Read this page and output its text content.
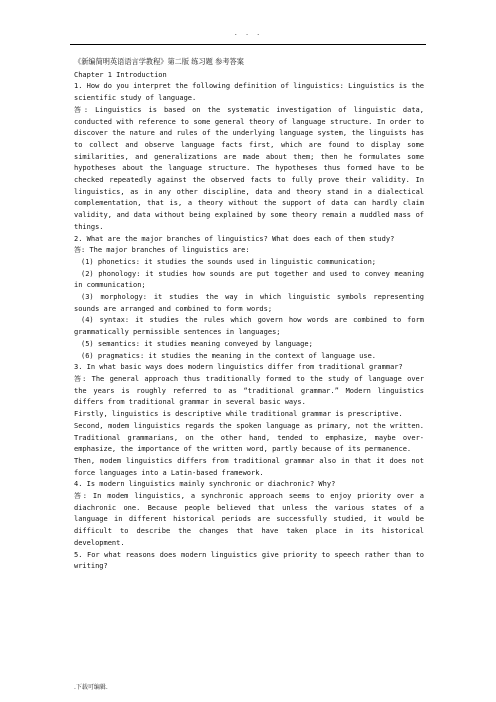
. . .

《新编简明英语语言学教程》第二版 练习题 参考答案

Chapter 1 Introduction

1. How do you interpret the following definition of linguistics: Linguistics is the scientific study of language.

答: Linguistics is based on the systematic investigation of linguistic data, conducted with reference to some general theory of language structure. In order to discover the nature and rules of the underlying language system, the linguists has to collect and observe language facts first, which are found to display some similarities, and generalizations are made about them; then he formulates some hypotheses about the language structure. The hypotheses thus formed have to be checked repeatedly against the observed facts to fully prove their validity. In linguistics, as in any other discipline, data and theory stand in a dialectical complementation, that is, a theory without the support of data can hardly claim validity, and data without being explained by some theory remain a muddled mass of things.

2. What are the major branches of linguistics? What does each of them study?

答: The major branches of linguistics are:

(1) phonetics: it studies the sounds used in linguistic communication;

(2) phonology: it studies how sounds are put together and used to convey meaning in communication;

(3) morphology: it studies the way in which linguistic symbols representing sounds are arranged and combined to form words;

(4) syntax: it studies the rules which govern how words are combined to form grammatically permissible sentences in languages;

(5) semantics: it studies meaning conveyed by language;

(6) pragmatics: it studies the meaning in the context of language use.

3. In what basic ways does modern linguistics differ from traditional grammar?

答: The general approach thus traditionally formed to the study of language over the years is roughly referred to as “traditional grammar.” Modern linguistics differs from traditional grammar in several basic ways.

Firstly, linguistics is descriptive while traditional grammar is prescriptive.

Second, modem linguistics regards the spoken language as primary, not the written. Traditional grammarians, on the other hand, tended to emphasize, maybe over-emphasize, the importance of the written word, partly because of its permanence.

Then, modem linguistics differs from traditional grammar also in that it does not force languages into a Latin-based framework.

4. Is modern linguistics mainly synchronic or diachronic? Why?

答: In modem linguistics, a synchronic approach seems to enjoy priority over a diachronic one. Because people believed that unless the various states of a language in different historical periods are successfully studied, it would be difficult to describe the changes that have taken place in its historical development.

5. For what reasons does modern linguistics give priority to speech rather than to writing?

.下载可编辑.
